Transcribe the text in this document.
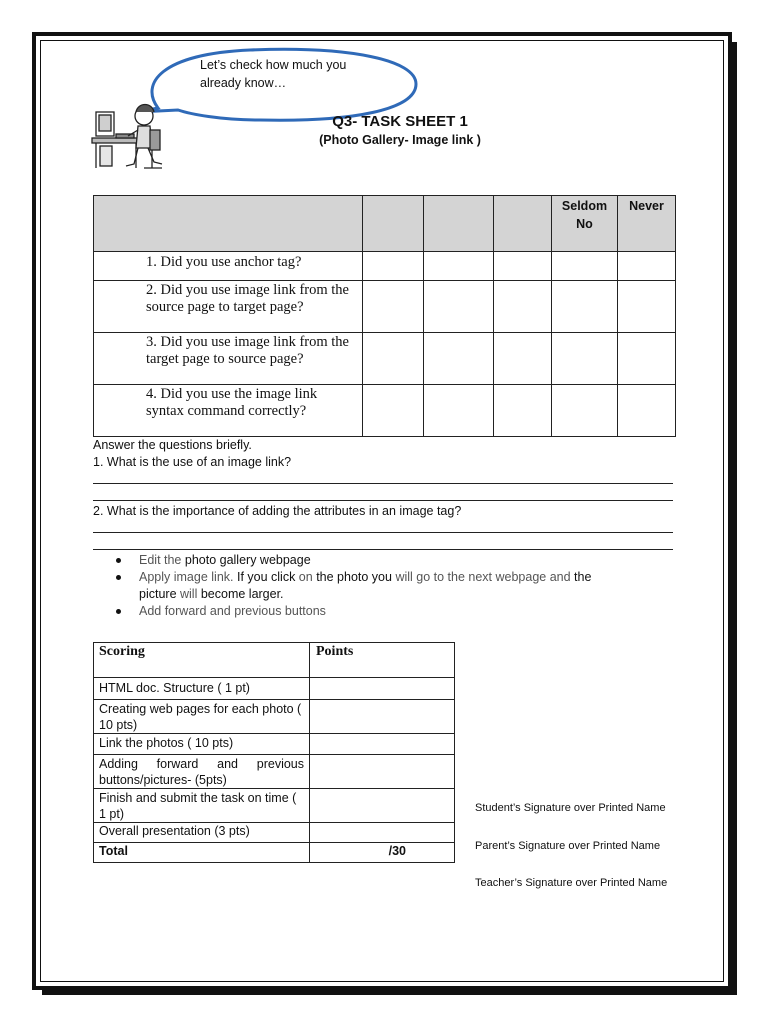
Let’s check how much you already know…
Q3- TASK SHEET 1
(Photo Gallery- Image link )
				Seldom No	Never
1. Did you use anchor tag?					
2. Did you use image link from the source page to target page?					
3. Did you use image link from the target page to source page?					
4. Did you use the image link syntax command correctly?					
Answer the questions briefly.
1. What is the use of an image link?
2. What is the importance of adding the attributes in an image tag?
Edit the photo gallery webpage
Apply image link. If you click on the photo you will go to the next webpage and the
picture will become larger.
Add forward and previous buttons
Scoring	Points
HTML doc. Structure ( 1 pt)	
Creating web pages for each photo ( 10 pts)	
Link the photos ( 10 pts)	
Adding forward and previous buttons/pictures- (5pts)	
Finish and submit the task on time ( 1 pt)	
Overall presentation (3 pts)	
Total	/30
Student’s Signature over Printed Name
Parent’s Signature over Printed Name
Teacher’s Signature over Printed Name
